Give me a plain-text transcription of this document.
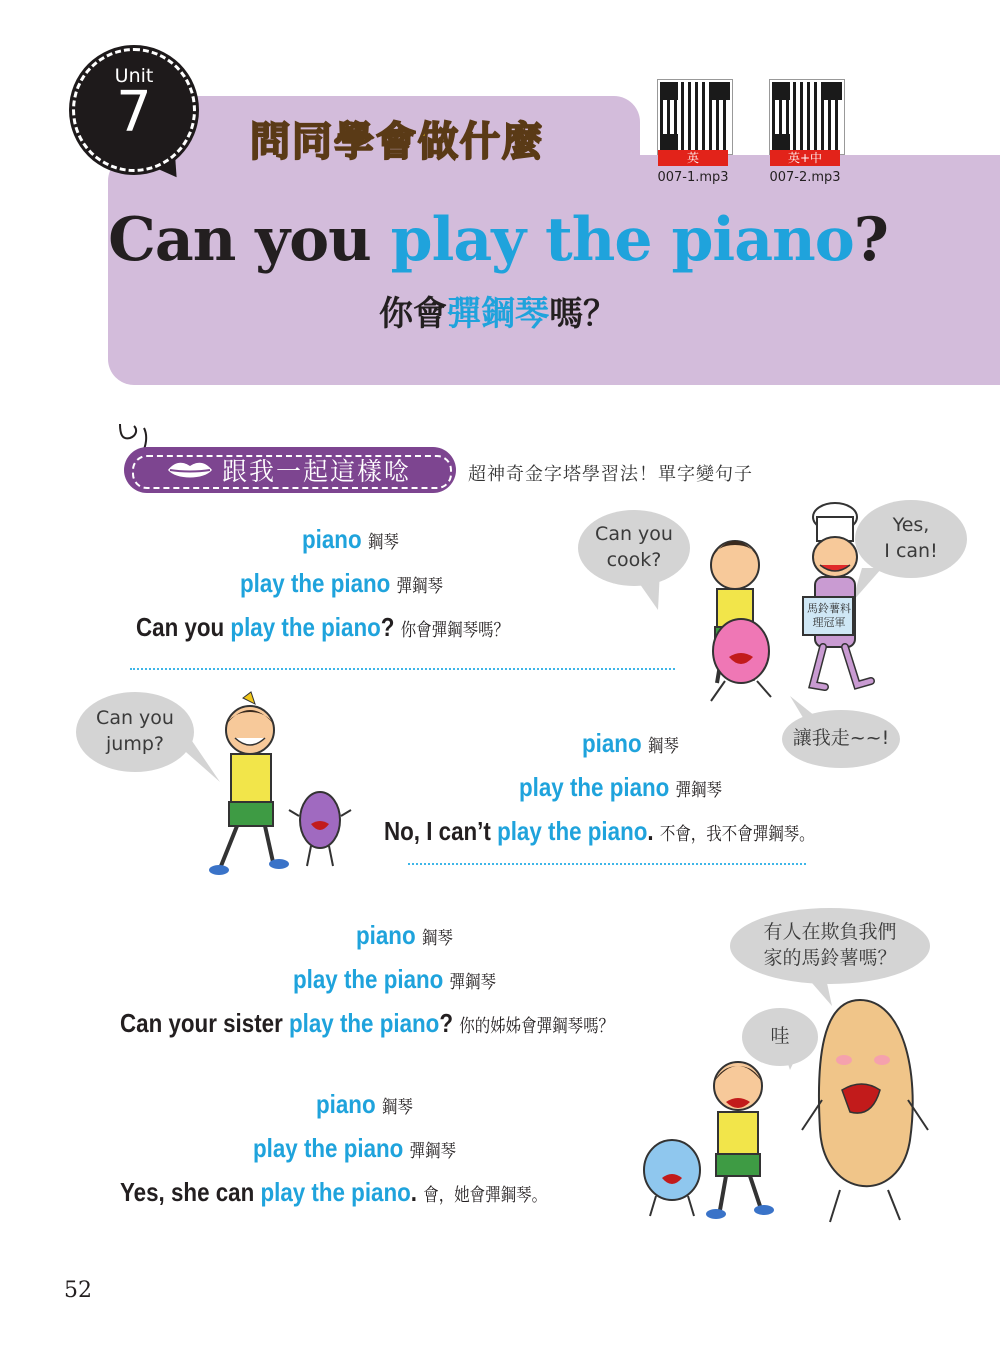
Unit
7	問同學會做什麼	英
007-1.mp3
英+中
007-2.mp3
Can you play the piano?
你會彈鋼琴嗎？
跟我一起這樣唸	超神奇金字塔學習法！單字變句子
piano 鋼琴
play the piano 彈鋼琴
Can you play the piano? 你會彈鋼琴嗎？
piano 鋼琴
play the piano 彈鋼琴
No, I can’t play the piano. 不會，我不會彈鋼琴。
piano 鋼琴
play the piano 彈鋼琴
Can your sister play the piano? 你的姊姊會彈鋼琴嗎？
piano 鋼琴
play the piano 彈鋼琴
Yes, she can play the piano. 會，她會彈鋼琴。
Can you
cook?
Yes,
I can!
讓我走~~!
Can you
jump?
有人在欺負我們
家的馬鈴薯嗎？
哇
馬鈴薯料理冠軍
52
